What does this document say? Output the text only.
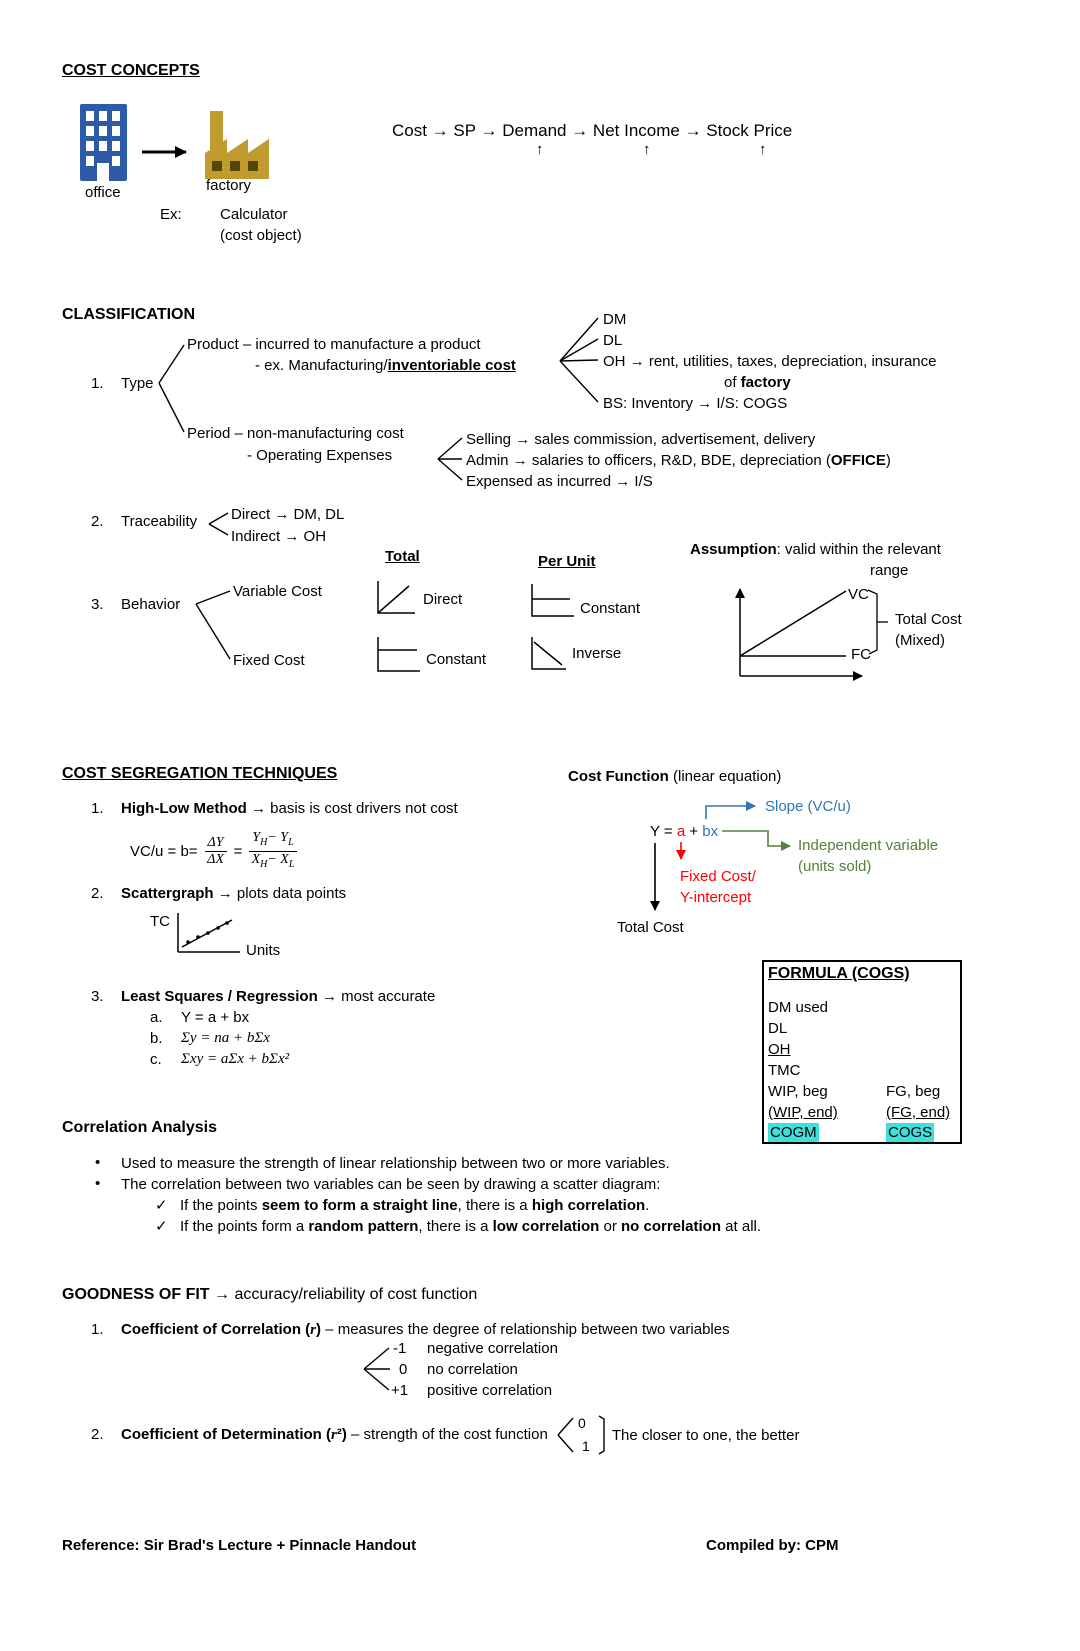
COST CONCEPTS
office	factory
Cost → SP → Demand → Net Income → Stock Price
↑	↑	↑
Ex:	Calculator
(cost object)
CLASSIFICATION
1. Type
Product – incurred to manufacture a product
- ex. Manufacturing/inventoriable cost
DM
DL
OH → rent, utilities, taxes, depreciation, insurance
of factory
BS: Inventory → I/S: COGS
Period – non-manufacturing cost
- Operating Expenses
Selling → sales commission, advertisement, delivery
Admin → salaries to officers, R&D, BDE, depreciation (OFFICE)
Expensed as incurred → I/S
2. Traceability Direct → DM, DL
Indirect → OH
Total	Per Unit
Assumption: valid within the relevant
range
3. Behavior
Variable Cost
Fixed Cost
Direct
Constant
Constant
Inverse
VC
FC
Total Cost
(Mixed)
COST SEGREGATION TECHNIQUES	Cost Function (linear equation)
1. High-Low Method → basis is cost drivers not cost
$VC/u = b= \frac{\Delta Y}{\Delta X} = \frac{Y_H- Y_L}{X_H- X_L}$
2. Scattergraph → plots data points
TC
Units
3. Least Squares / Regression → most accurate
a. Y = a + bx
b. Σy = na + bΣx
c. Σxy = aΣx + bΣx²
Slope (VC/u)
Y = a + bx
Fixed Cost/
Y-intercept
Independent variable
(units sold)
Total Cost
FORMULA (COGS)
DM used
DL
OH
TMC
WIP, beg	FG, beg
(WIP, end)	(FG, end)
COGM	COGS
Correlation Analysis
• Used to measure the strength of linear relationship between two or more variables.
• The correlation between two variables can be seen by drawing a scatter diagram:
✓ If the points seem to form a straight line, there is a high correlation.
✓ If the points form a random pattern, there is a low correlation or no correlation at all.
GOODNESS OF FIT → accuracy/reliability of cost function
1. Coefficient of Correlation (r) – measures the degree of relationship between two variables
-1 negative correlation
0 no correlation
+1 positive correlation
2. Coefficient of Determination (r²) – strength of the cost function
0
1
The closer to one, the better
Reference: Sir Brad's Lecture + Pinnacle Handout	Compiled by: CPM
